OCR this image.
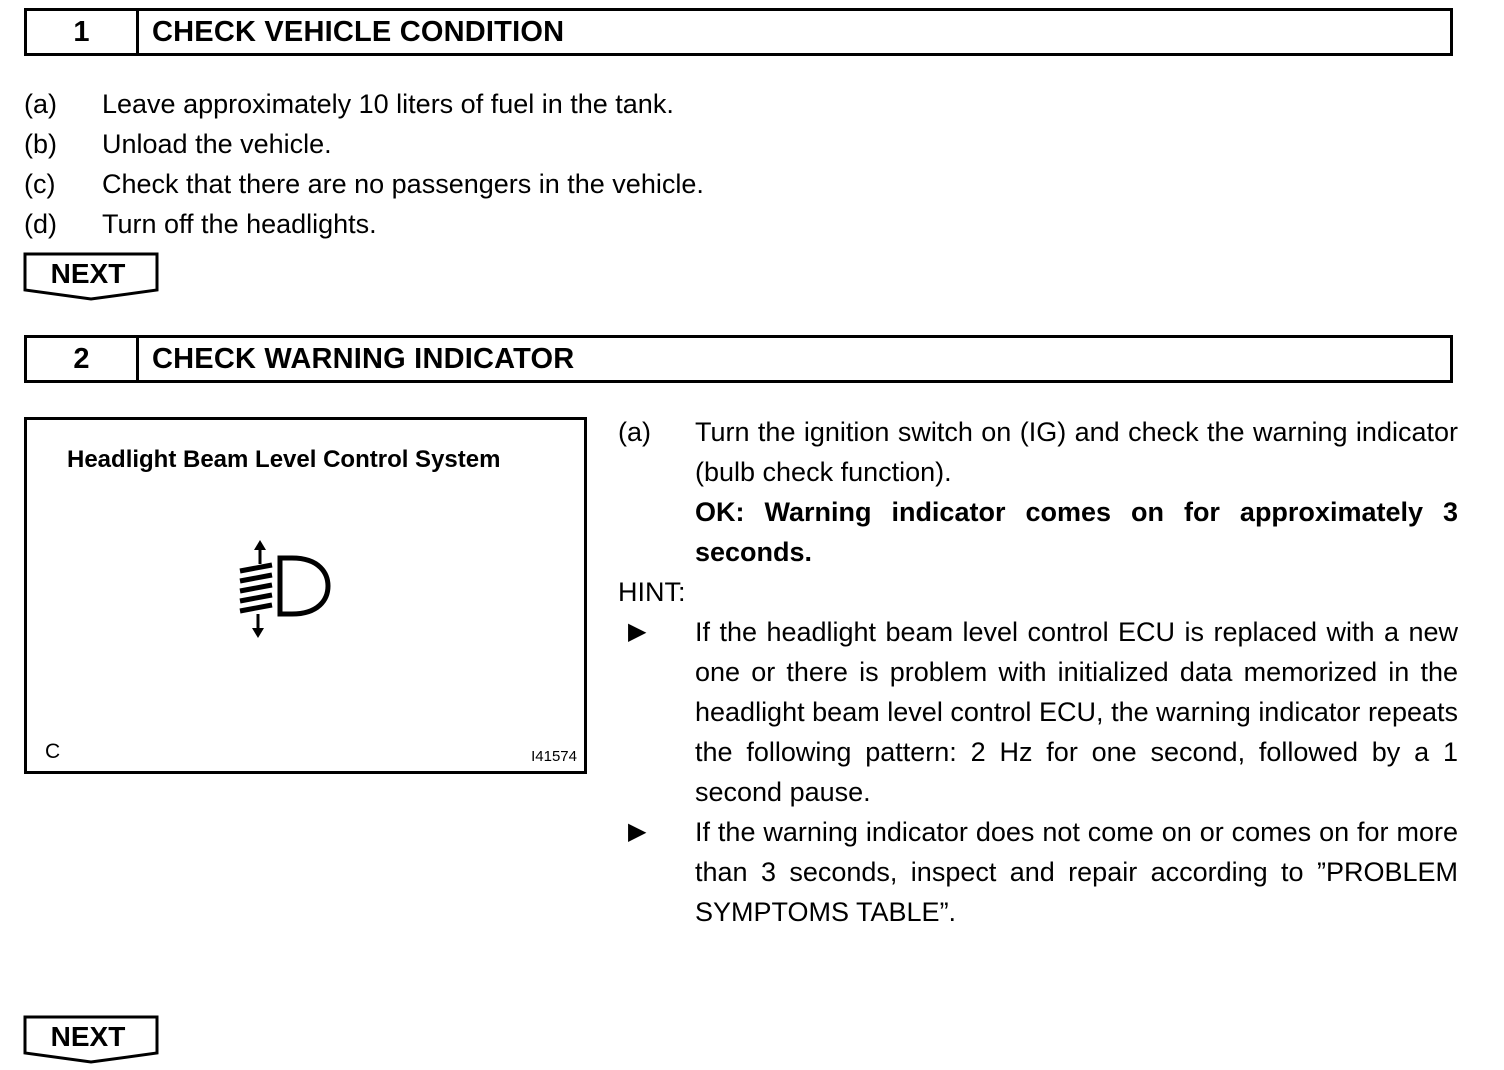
1	CHECK VEHICLE CONDITION
(a)	Leave approximately 10 liters of fuel in the tank.
(b)	Unload the vehicle.
(c)	Check that there are no passengers in the vehicle.
(d)	Turn off the headlights.
NEXT
2	CHECK WARNING INDICATOR
Headlight Beam Level Control System
C	I41574
(a)	Turn the ignition switch on (IG) and check the warning indicator (bulb check function).
OK: Warning indicator comes on for approximately 3 seconds.
HINT:
▶	If the headlight beam level control ECU is replaced with a new one or there is problem with initialized data memorized in the headlight beam level control ECU, the warning indicator repeats the following pattern: 2 Hz for one second, followed by a 1 second pause.
▶	If the warning indicator does not come on or comes on for more than 3 seconds, inspect and repair according to ”PROBLEM SYMPTOMS TABLE”.
NEXT
